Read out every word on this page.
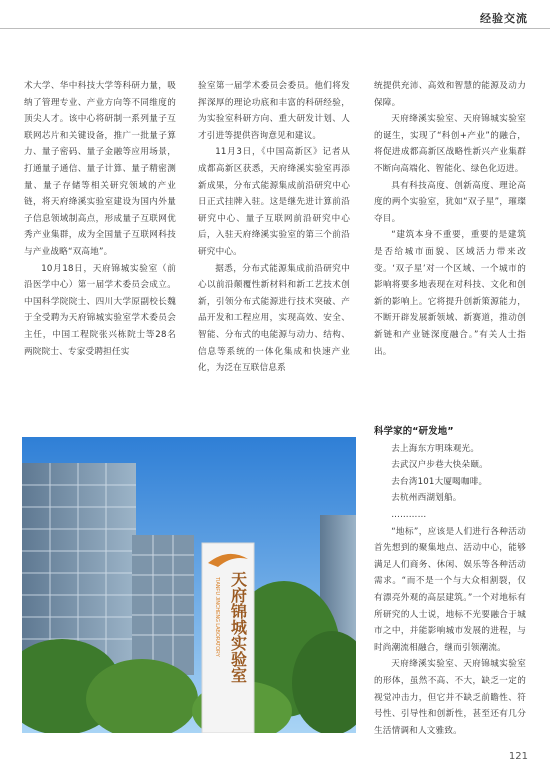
经验交流

术大学、华中科技大学等科研力量，吸纳了管理专业、产业方向等不同维度的顶尖人才。该中心将研制一系列量子互联网芯片和关键设备，推广一批量子算力、量子密码、量子金融等应用场景，打通量子通信、量子计算、量子精密测量、量子存储等相关研究领域的产业链，将天府绛溪实验室建设为国内外量子信息领域制高点，形成量子互联网优秀产业集群，成为全国量子互联网科技与产业战略“双高地”。

10月18日，天府锦城实验室（前沿医学中心）第一届学术委员会成立。中国科学院院士、四川大学原副校长魏于全受聘为天府锦城实验室学术委员会主任，中国工程院张兴栋院士等28名两院院士、专家受聘担任实

验室第一届学术委员会委员。他们将发挥深厚的理论功底和丰富的科研经验，为实验室科研方向、重大研发计划、人才引进等提供咨询意见和建议。

11月3日，《中国高新区》记者从成都高新区获悉，天府绛溪实验室再添新成果，分布式能源集成前沿研究中心日正式挂牌入驻。这是继先进计算前沿研究中心、量子互联网前沿研究中心后，入驻天府绛溪实验室的第三个前沿研究中心。

据悉，分布式能源集成前沿研究中心以前沿颠覆性新材料和新工艺技术创新，引领分布式能源进行技术突破、产品开发和工程应用，实现高效、安全、智能、分布式的电能源与动力、结构、信息等系统的一体化集成和快速产业化，为泛在互联信息系

统提供充沛、高效和智慧的能源及动力保障。

天府绛溪实验室、天府锦城实验室的诞生，实现了“科创+产业”的融合，将促进成都高新区战略性新兴产业集群不断向高端化、智能化、绿色化迈进。

具有科技高度、创新高度、理论高度的两个实验室，犹如“双子星”，璀璨夺目。

“建筑本身不重要，重要的是建筑是否给城市面貌、区域活力带来改变。‘双子星’对一个区域、一个城市的影响将要多地表现在对科技、文化和创新的影响上。它将提升创新策源能力，不断开辟发展新领域、新赛道，推动创新链和产业链深度融合。”有关人士指出。

科学家的“研发地”

去上海东方明珠观光。

去武汉户步巷大快朵颐。

去台湾101大厦喝咖啡。

去杭州西湖划船。

…………

“地标”，应该是人们进行各种活动首先想到的聚集地点、活动中心，能够满足人们商务、休闲、娱乐等各种活动需求。“而不是一个与大众相割裂，仅有漂亮外观的高层建筑。”一个对地标有所研究的人士说，地标不光要融合于城市之中，并能影响城市发展的进程，与时尚潮流相融合，继而引领潮流。

天府绛溪实验室、天府锦城实验室的形体，虽然不高、不大，缺乏一定的视觉冲击力，但它并不缺乏前瞻性、符号性、引导性和创新性，甚至还有几分生活情调和人文雅致。

TIANFU JINCHENG LABORATORY 天府锦城实验室
121
